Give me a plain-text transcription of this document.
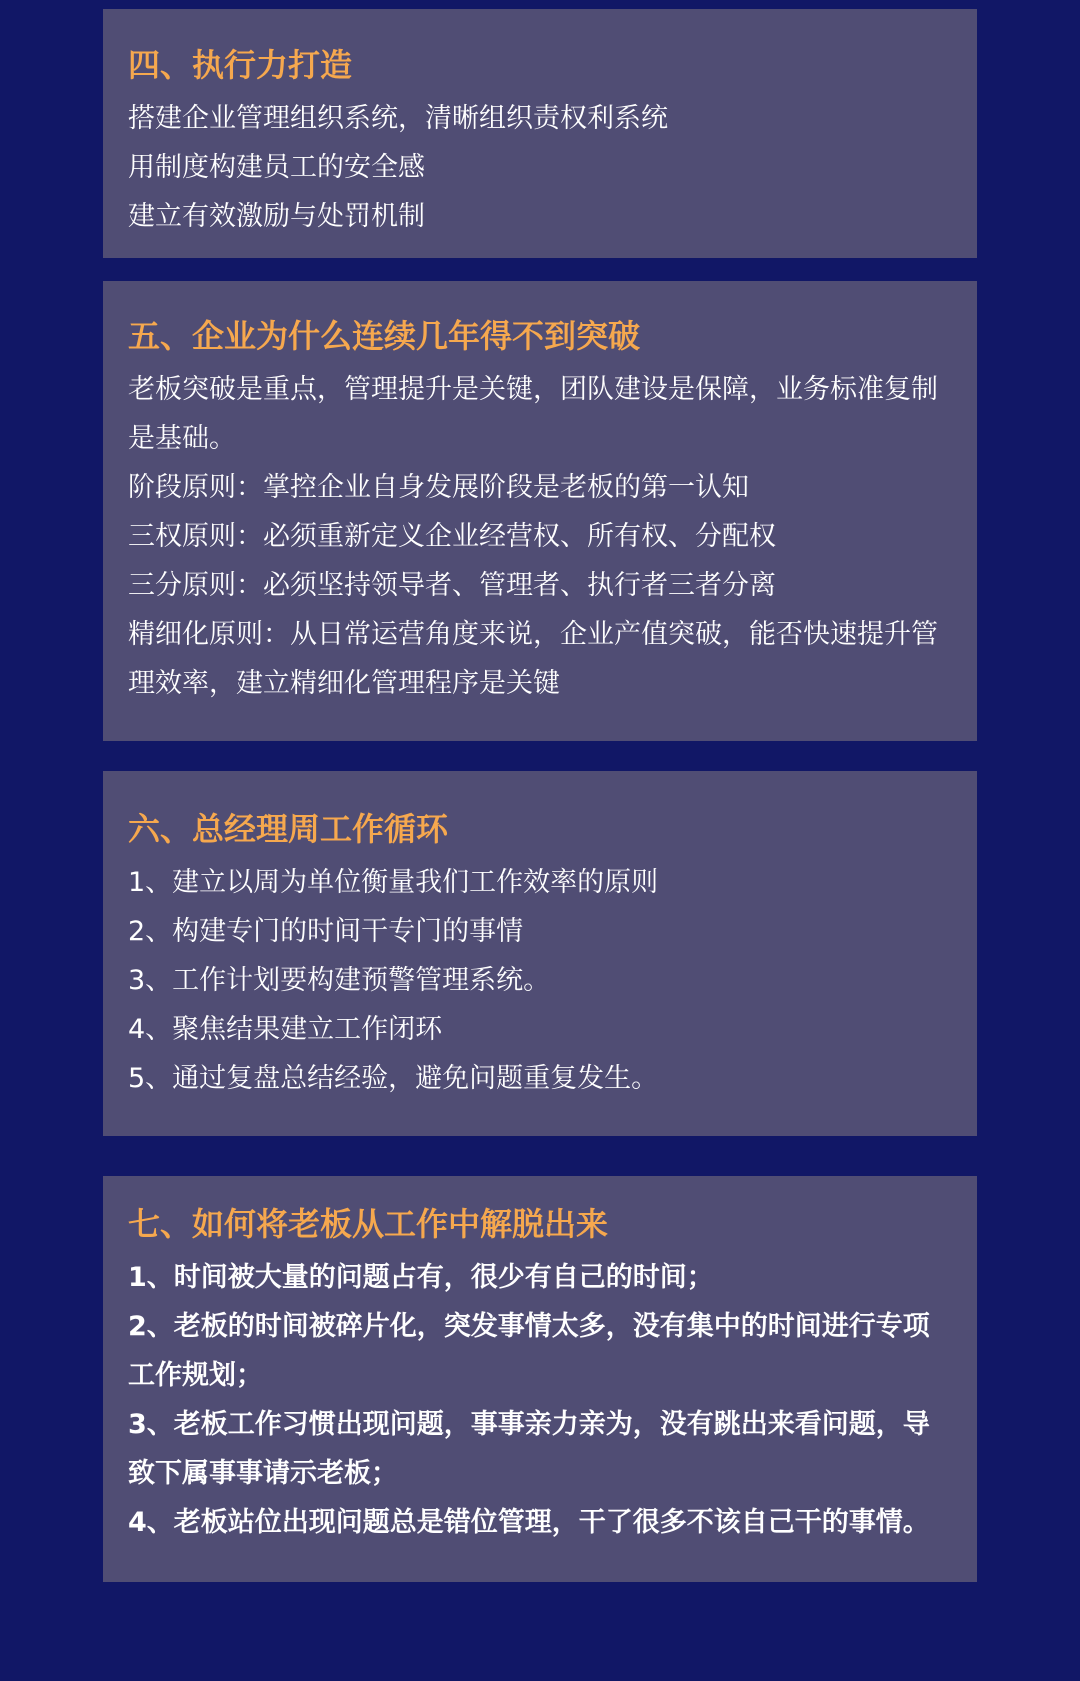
四、执行力打造

搭建企业管理组织系统，清晰组织责权利系统

用制度构建员工的安全感

建立有效激励与处罚机制

五、企业为什么连续几年得不到突破

老板突破是重点，管理提升是关键，团队建设是保障，业务标准复制是基础。

阶段原则：掌控企业自身发展阶段是老板的第一认知

三权原则：必须重新定义企业经营权、所有权、分配权

三分原则：必须坚持领导者、管理者、执行者三者分离

精细化原则：从日常运营角度来说，企业产值突破，能否快速提升管理效率，建立精细化管理程序是关键

六、总经理周工作循环

1、建立以周为单位衡量我们工作效率的原则

2、构建专门的时间干专门的事情

3、工作计划要构建预警管理系统。

4、聚焦结果建立工作闭环

5、通过复盘总结经验，避免问题重复发生。

七、如何将老板从工作中解脱出来

1、时间被大量的问题占有，很少有自己的时间；

2、老板的时间被碎片化，突发事情太多，没有集中的时间进行专项工作规划；

3、老板工作习惯出现问题，事事亲力亲为，没有跳出来看问题，导致下属事事请示老板；

4、老板站位出现问题总是错位管理，干了很多不该自己干的事情。
